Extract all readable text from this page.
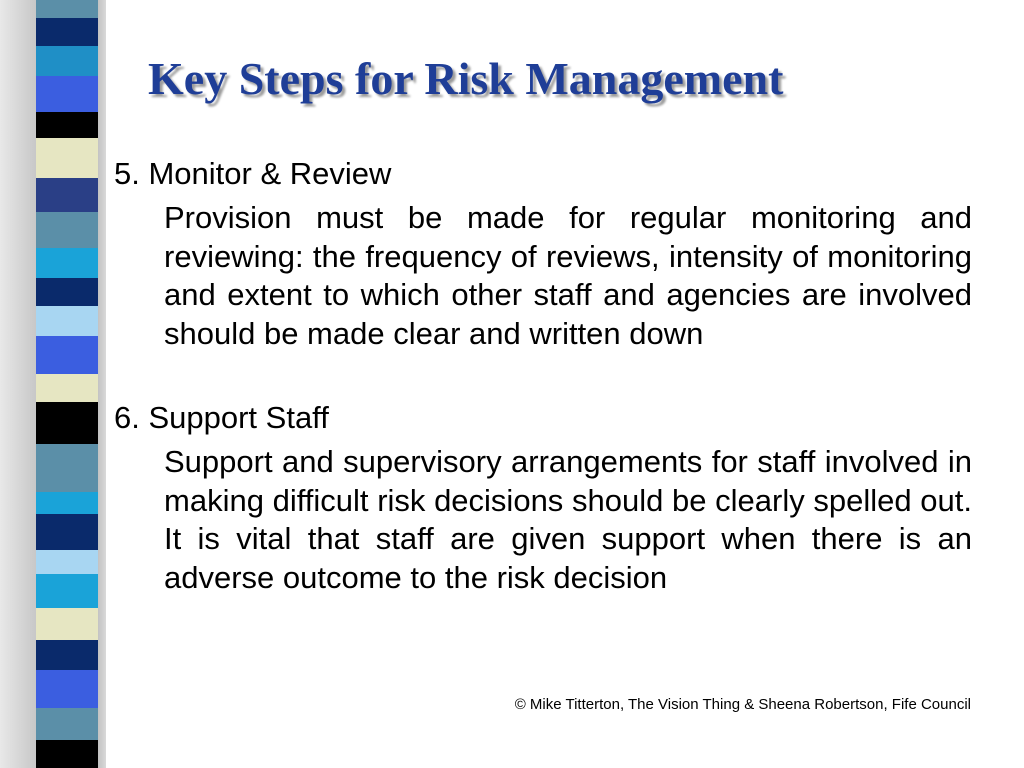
Key Steps for Risk Management

5. Monitor & Review

Provision must be made for regular monitoring and reviewing: the frequency of reviews, intensity of monitoring and extent to which other staff and agencies are involved should be made clear and written down

6. Support Staff

Support and supervisory arrangements for staff involved in making difficult risk decisions should be clearly spelled out. It is vital that staff are given support when there is an adverse outcome to the risk decision

© Mike Titterton, The Vision Thing & Sheena Robertson, Fife Council
